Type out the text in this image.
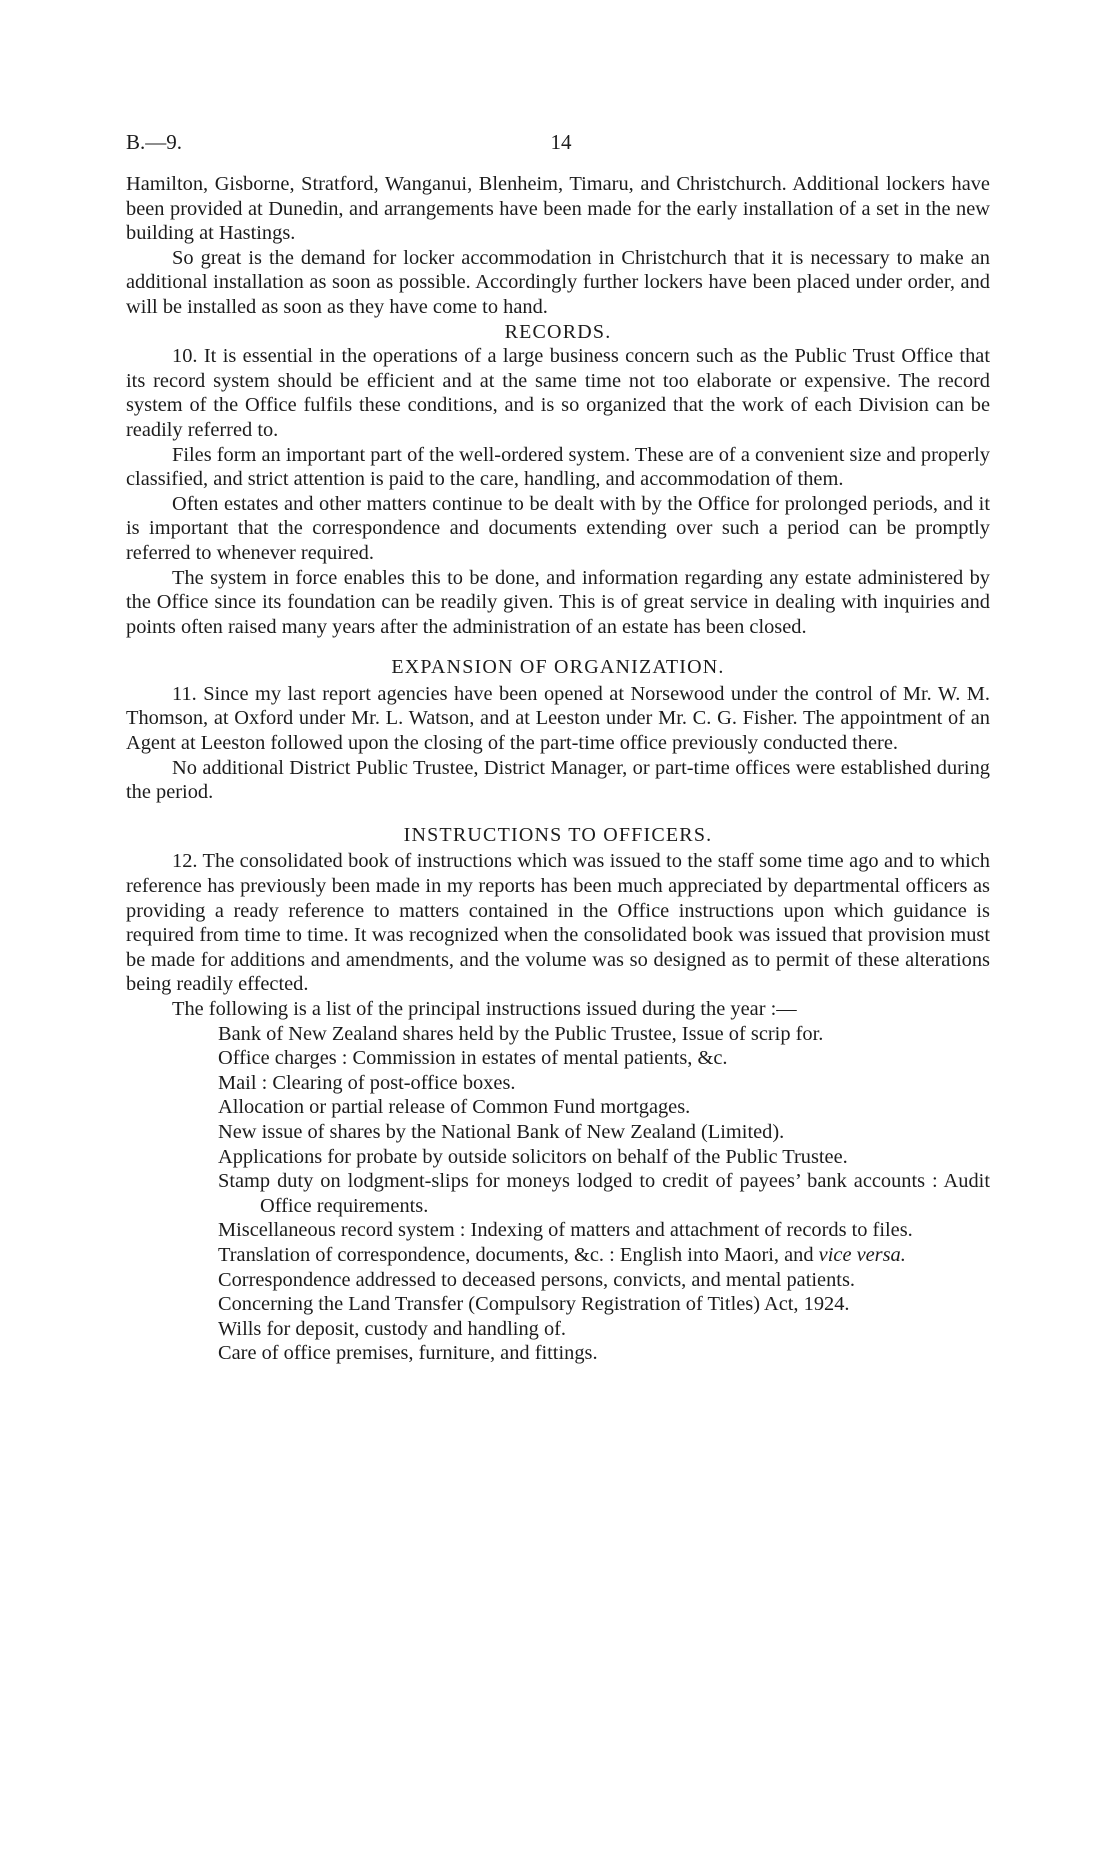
B.—9.	14

Hamilton, Gisborne, Stratford, Wanganui, Blenheim, Timaru, and Christchurch. Additional lockers have been provided at Dunedin, and arrangements have been made for the early installation of a set in the new building at Hastings.

So great is the demand for locker accommodation in Christchurch that it is necessary to make an additional installation as soon as possible. Accordingly further lockers have been placed under order, and will be installed as soon as they have come to hand.

RECORDS.

10. It is essential in the operations of a large business concern such as the Public Trust Office that its record system should be efficient and at the same time not too elaborate or expensive. The record system of the Office fulfils these conditions, and is so organized that the work of each Division can be readily referred to.

Files form an important part of the well-ordered system. These are of a convenient size and properly classified, and strict attention is paid to the care, handling, and accommodation of them.

Often estates and other matters continue to be dealt with by the Office for prolonged periods, and it is important that the correspondence and documents extending over such a period can be promptly referred to whenever required.

The system in force enables this to be done, and information regarding any estate administered by the Office since its foundation can be readily given. This is of great service in dealing with inquiries and points often raised many years after the administration of an estate has been closed.

EXPANSION OF ORGANIZATION.

11. Since my last report agencies have been opened at Norsewood under the control of Mr. W. M. Thomson, at Oxford under Mr. L. Watson, and at Leeston under Mr. C. G. Fisher. The appointment of an Agent at Leeston followed upon the closing of the part-time office previously conducted there.

No additional District Public Trustee, District Manager, or part-time offices were established during the period.

INSTRUCTIONS TO OFFICERS.

12. The consolidated book of instructions which was issued to the staff some time ago and to which reference has previously been made in my reports has been much appreciated by departmental officers as providing a ready reference to matters contained in the Office instructions upon which guidance is required from time to time. It was recognized when the consolidated book was issued that provision must be made for additions and amendments, and the volume was so designed as to permit of these alterations being readily effected.

The following is a list of the principal instructions issued during the year :—

Bank of New Zealand shares held by the Public Trustee, Issue of scrip for.
Office charges : Commission in estates of mental patients, &c.
Mail : Clearing of post-office boxes.
Allocation or partial release of Common Fund mortgages.
New issue of shares by the National Bank of New Zealand (Limited).
Applications for probate by outside solicitors on behalf of the Public Trustee.
Stamp duty on lodgment-slips for moneys lodged to credit of payees’ bank accounts : Audit Office requirements.
Miscellaneous record system : Indexing of matters and attachment of records to files.
Translation of correspondence, documents, &c. : English into Maori, and vice versa.
Correspondence addressed to deceased persons, convicts, and mental patients.
Concerning the Land Transfer (Compulsory Registration of Titles) Act, 1924.
Wills for deposit, custody and handling of.
Care of office premises, furniture, and fittings.
